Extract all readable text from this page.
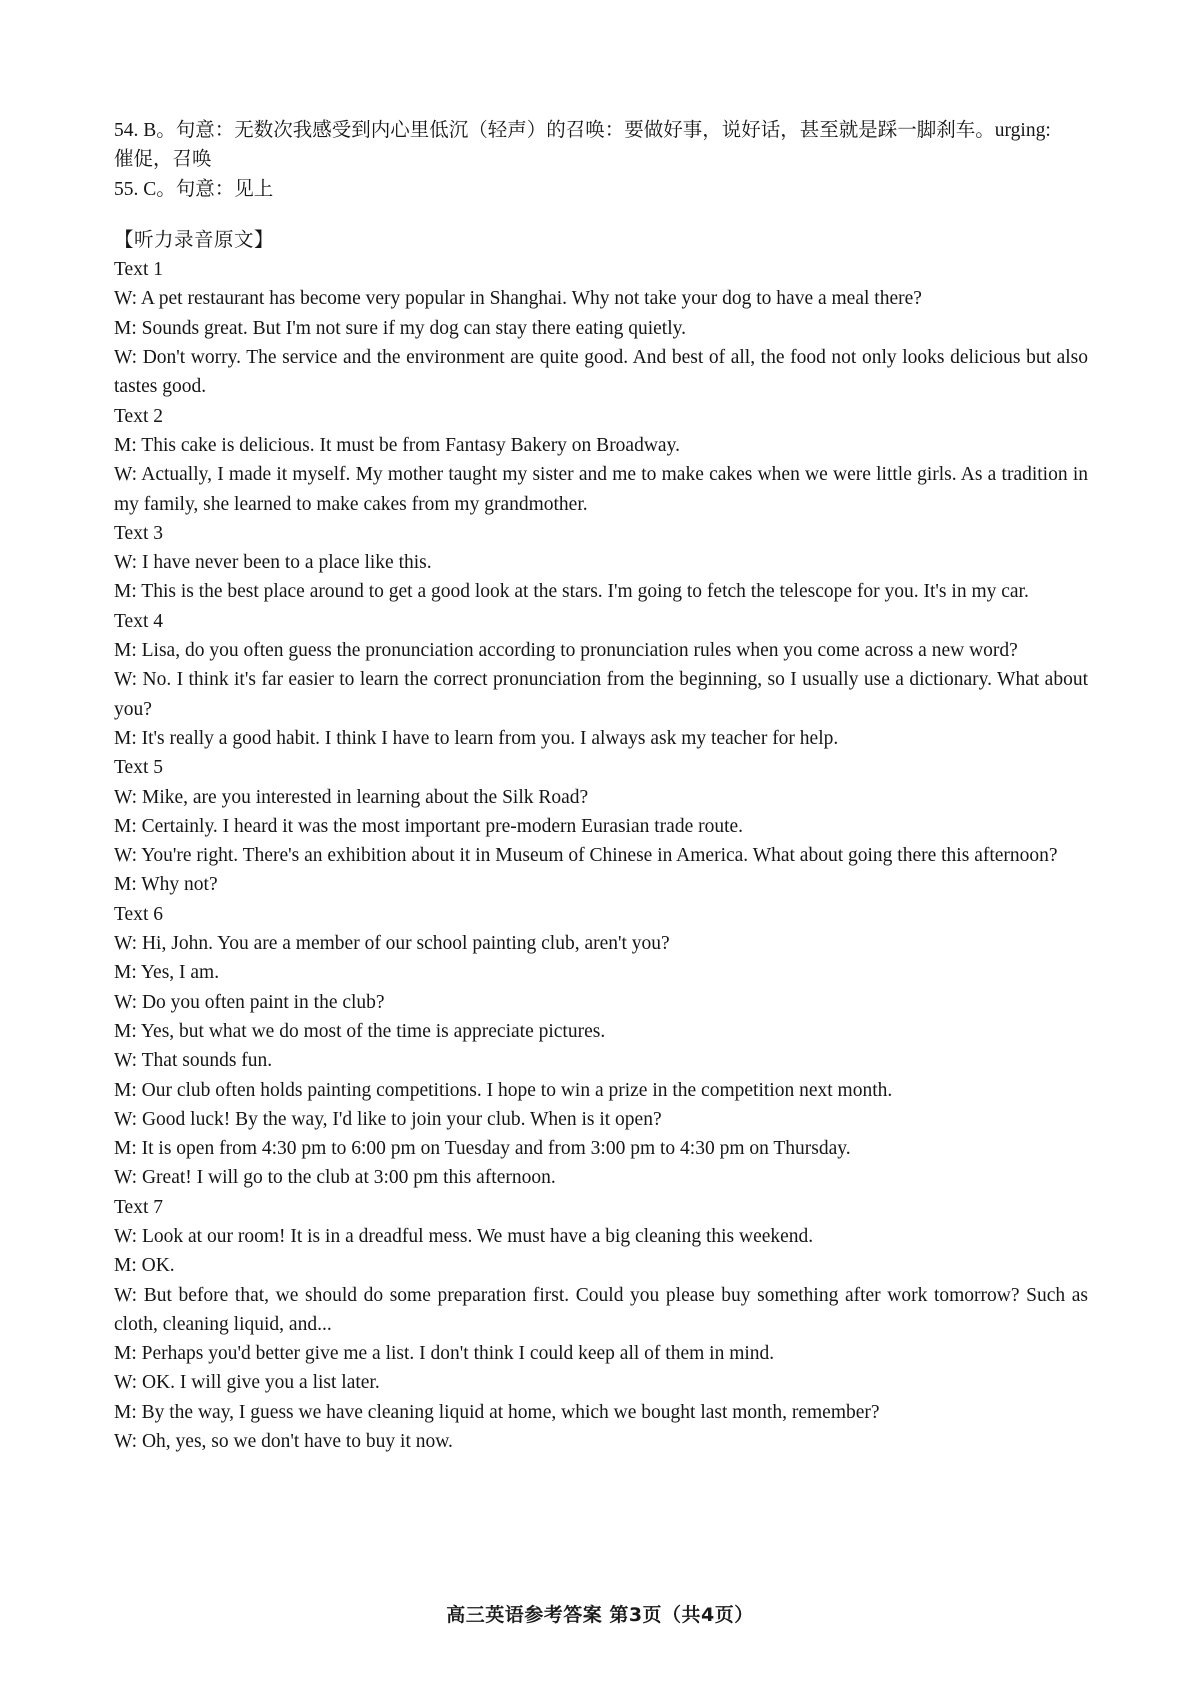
54. B。句意：无数次我感受到内心里低沉（轻声）的召唤：要做好事，说好话，甚至就是踩一脚刹车。urging:
催促，召唤
55. C。句意：见上
【听力录音原文】
Text 1
W: A pet restaurant has become very popular in Shanghai. Why not take your dog to have a meal there?
M: Sounds great. But I'm not sure if my dog can stay there eating quietly.
W: Don't worry. The service and the environment are quite good. And best of all, the food not only looks delicious but also tastes good.
Text 2
M: This cake is delicious. It must be from Fantasy Bakery on Broadway.
W: Actually, I made it myself. My mother taught my sister and me to make cakes when we were little girls. As a tradition in my family, she learned to make cakes from my grandmother.
Text 3
W: I have never been to a place like this.
M: This is the best place around to get a good look at the stars. I'm going to fetch the telescope for you. It's in my car.
Text 4
M: Lisa, do you often guess the pronunciation according to pronunciation rules when you come across a new word?
W: No. I think it's far easier to learn the correct pronunciation from the beginning, so I usually use a dictionary. What about you?
M: It's really a good habit. I think I have to learn from you. I always ask my teacher for help.
Text 5
W: Mike, are you interested in learning about the Silk Road?
M: Certainly. I heard it was the most important pre-modern Eurasian trade route.
W: You're right. There's an exhibition about it in Museum of Chinese in America. What about going there this afternoon?
M: Why not?
Text 6
W: Hi, John. You are a member of our school painting club, aren't you?
M: Yes, I am.
W: Do you often paint in the club?
M: Yes, but what we do most of the time is appreciate pictures.
W: That sounds fun.
M: Our club often holds painting competitions. I hope to win a prize in the competition next month.
W: Good luck! By the way, I'd like to join your club. When is it open?
M: It is open from 4:30 pm to 6:00 pm on Tuesday and from 3:00 pm to 4:30 pm on Thursday.
W: Great! I will go to the club at 3:00 pm this afternoon.
Text 7
W: Look at our room! It is in a dreadful mess. We must have a big cleaning this weekend.
M: OK.
W: But before that, we should do some preparation first. Could you please buy something after work tomorrow? Such as cloth, cleaning liquid, and...
M: Perhaps you'd better give me a list. I don't think I could keep all of them in mind.
W: OK. I will give you a list later.
M: By the way, I guess we have cleaning liquid at home, which we bought last month, remember?
W: Oh, yes, so we don't have to buy it now.
高三英语参考答案 第3页（共4页）
